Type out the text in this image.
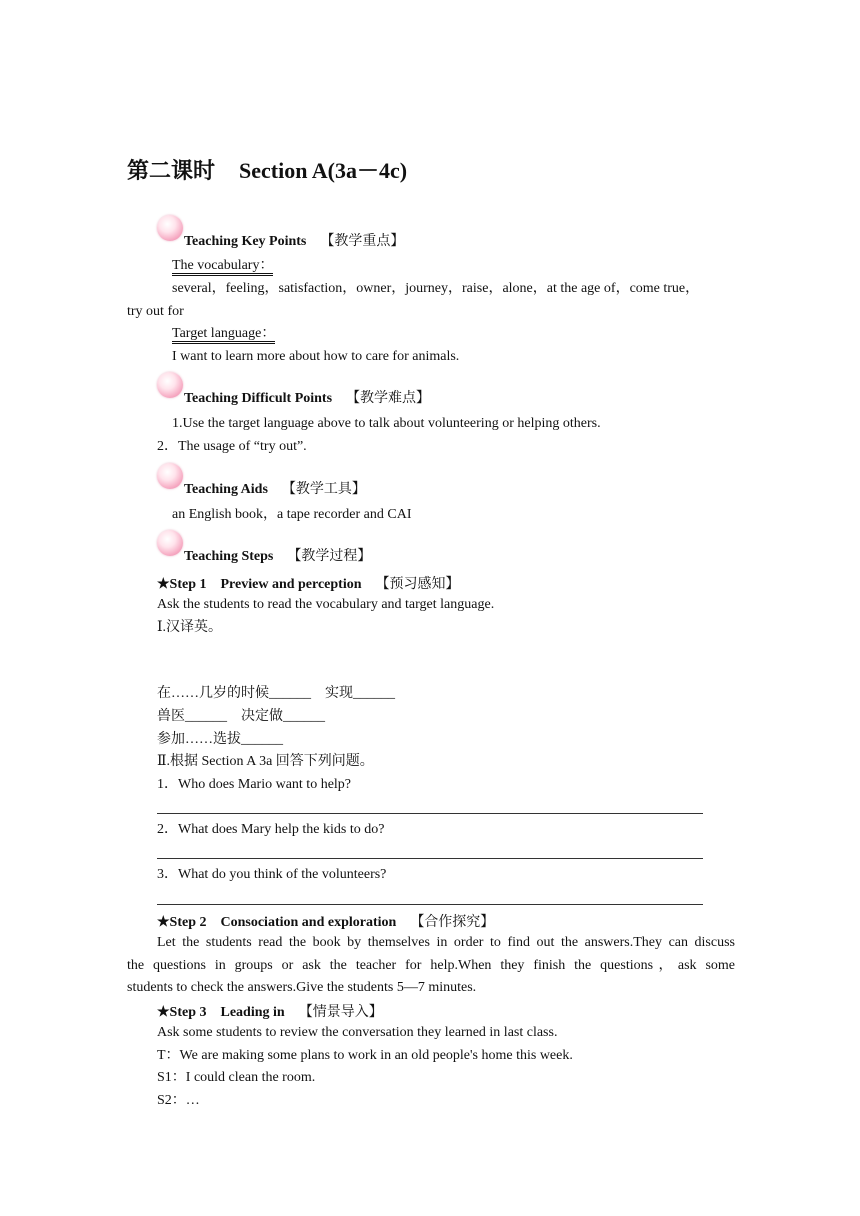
第二课时 Section A(3a－4c)
Teaching Key Points 【教学重点】
The vocabulary：
several，feeling，satisfaction，owner，journey，raise，alone，at the age of，come true，
try out for
Target language：
I want to learn more about how to care for animals.
Teaching Difficult Points 【教学难点】
1.Use the target language above to talk about volunteering or helping others.
2．The usage of “try out”.
Teaching Aids 【教学工具】
an English book，a tape recorder and CAI
Teaching Steps 【教学过程】
★Step 1　Preview and perception 【预习感知】
Ask the students to read the vocabulary and target language.
Ⅰ.汉译英。
在……几岁的时候______　实现______
兽医______　决定做______
参加……选拔______
Ⅱ.根据 Section A 3a 回答下列问题。
1．Who does Mario want to help?
2．What does Mary help the kids to do?
3．What do you think of the volunteers?
★Step 2　Consociation and exploration 【合作探究】
Let the students read the book by themselves in order to find out the answers.They can discuss
the questions in groups or ask the teacher for help.When they finish the questions，ask some
students to check the answers.Give the students 5—7 minutes.
★Step 3　Leading in 【情景导入】
Ask some students to review the conversation they learned in last class.
T：We are making some plans to work in an old people's home this week.
S1：I could clean the room.
S2：…
